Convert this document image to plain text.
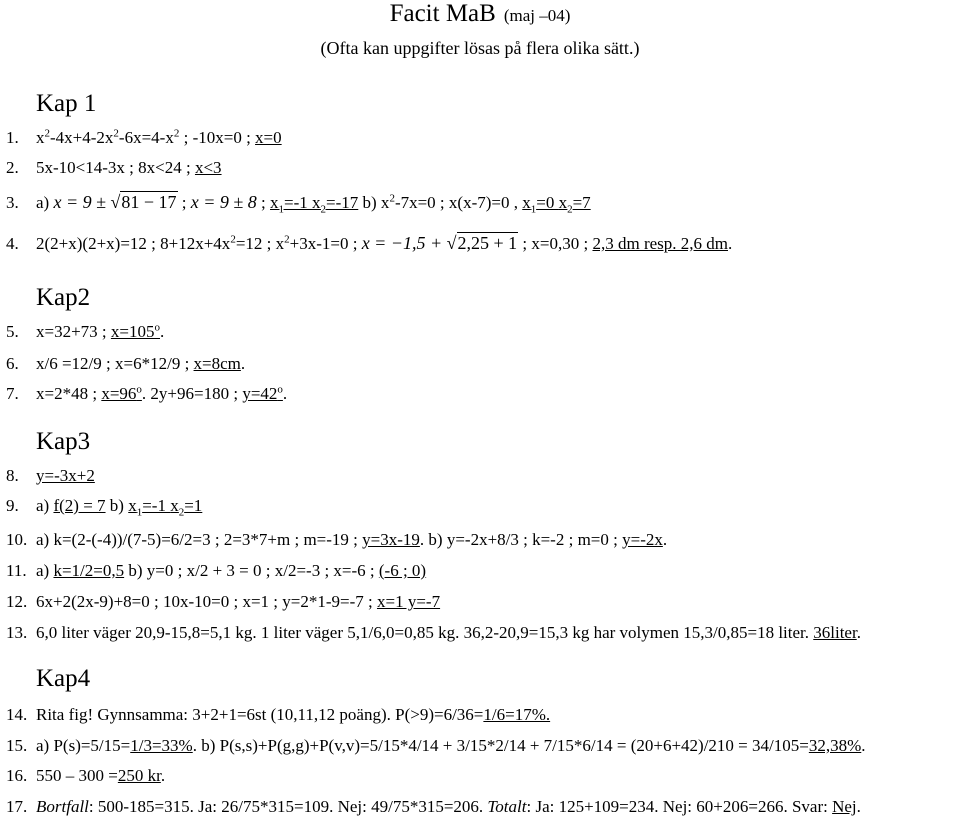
Facit MaB (maj –04)
(Ofta kan uppgifter lösas på flera olika sätt.)
Kap 1
1. $x^2-4x+4-2x^2-6x=4-x^2$ ; -10x=0 ; x=0
2. 5x-10<14-3x ; 8x<24 ; x<3
3. a) x = 9 ± √81 − 17 ; x = 9 ± 8 ; $x_1=-1$ $x_2=-17$ b) $x^2-7x=0$ ; x(x-7)=0 , $x_1=0$ $x_2=7$
4. 2(2+x)(2+x)=12 ; $8+12x+4x^2=12$ ; $x^2+3x-1=0$ ; x = −1,5 + √2,25 + 1 ; x=0,30 ; 2,3 dm resp. 2,6 dm.
Kap2
5. x=32+73 ; $x=105^o$.
6. x/6 =12/9 ; x=6*12/9 ; x=8cm.
7. x=2*48 ; $x=96^o$. 2y+96=180 ; $y=42^o$.
Kap3
8. y=-3x+2
9. a) f(2) = 7 b) $x_1=-1$ $x_2=1$
10. a) k=(2-(-4))/(7-5)=6/2=3 ; 2=3*7+m ; m=-19 ; y=3x-19. b) y=-2x+8/3 ; k=-2 ; m=0 ; y=-2x.
11. a) k=1/2=0,5 b) y=0 ; x/2 + 3 = 0 ; x/2=-3 ; x=-6 ; (-6 ; 0)
12. 6x+2(2x-9)+8=0 ; 10x-10=0 ; x=1 ; y=2*1-9=-7 ; x=1 y=-7
13. 6,0 liter väger 20,9-15,8=5,1 kg. 1 liter väger 5,1/6,0=0,85 kg. 36,2-20,9=15,3 kg har volymen 15,3/0,85=18 liter. 36liter.
Kap4
14. Rita fig! Gynnsamma: 3+2+1=6st (10,11,12 poäng). P(>9)=6/36=1/6=17%.
15. a) P(s)=5/15=1/3=33%. b) P(s,s)+P(g,g)+P(v,v)=5/15*4/14 + 3/15*2/14 + 7/15*6/14 = (20+6+42)/210 = 34/105=32,38%.
16. 550 – 300 =250 kr.
17. Bortfall: 500-185=315. Ja: 26/75*315=109. Nej: 49/75*315=206. Totalt: Ja: 125+109=234. Nej: 60+206=266. Svar: Nej.
